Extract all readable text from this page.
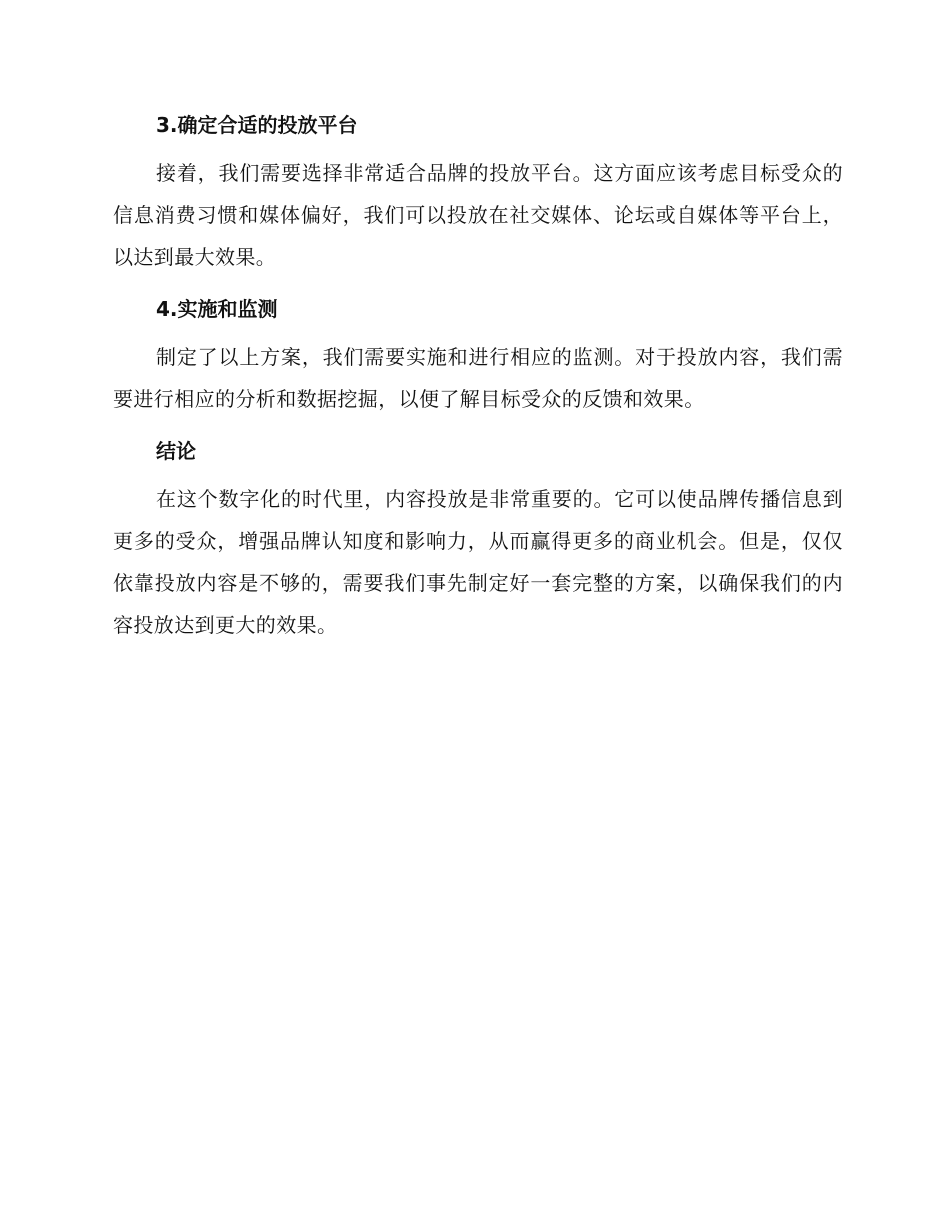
3.确定合适的投放平台

接着，我们需要选择非常适合品牌的投放平台。这方面应该考虑目标受众的信息消费习惯和媒体偏好，我们可以投放在社交媒体、论坛或自媒体等平台上，以达到最大效果。

4.实施和监测

制定了以上方案，我们需要实施和进行相应的监测。对于投放内容，我们需要进行相应的分析和数据挖掘，以便了解目标受众的反馈和效果。

结论

在这个数字化的时代里，内容投放是非常重要的。它可以使品牌传播信息到更多的受众，增强品牌认知度和影响力，从而赢得更多的商业机会。但是，仅仅依靠投放内容是不够的，需要我们事先制定好一套完整的方案，以确保我们的内容投放达到更大的效果。
